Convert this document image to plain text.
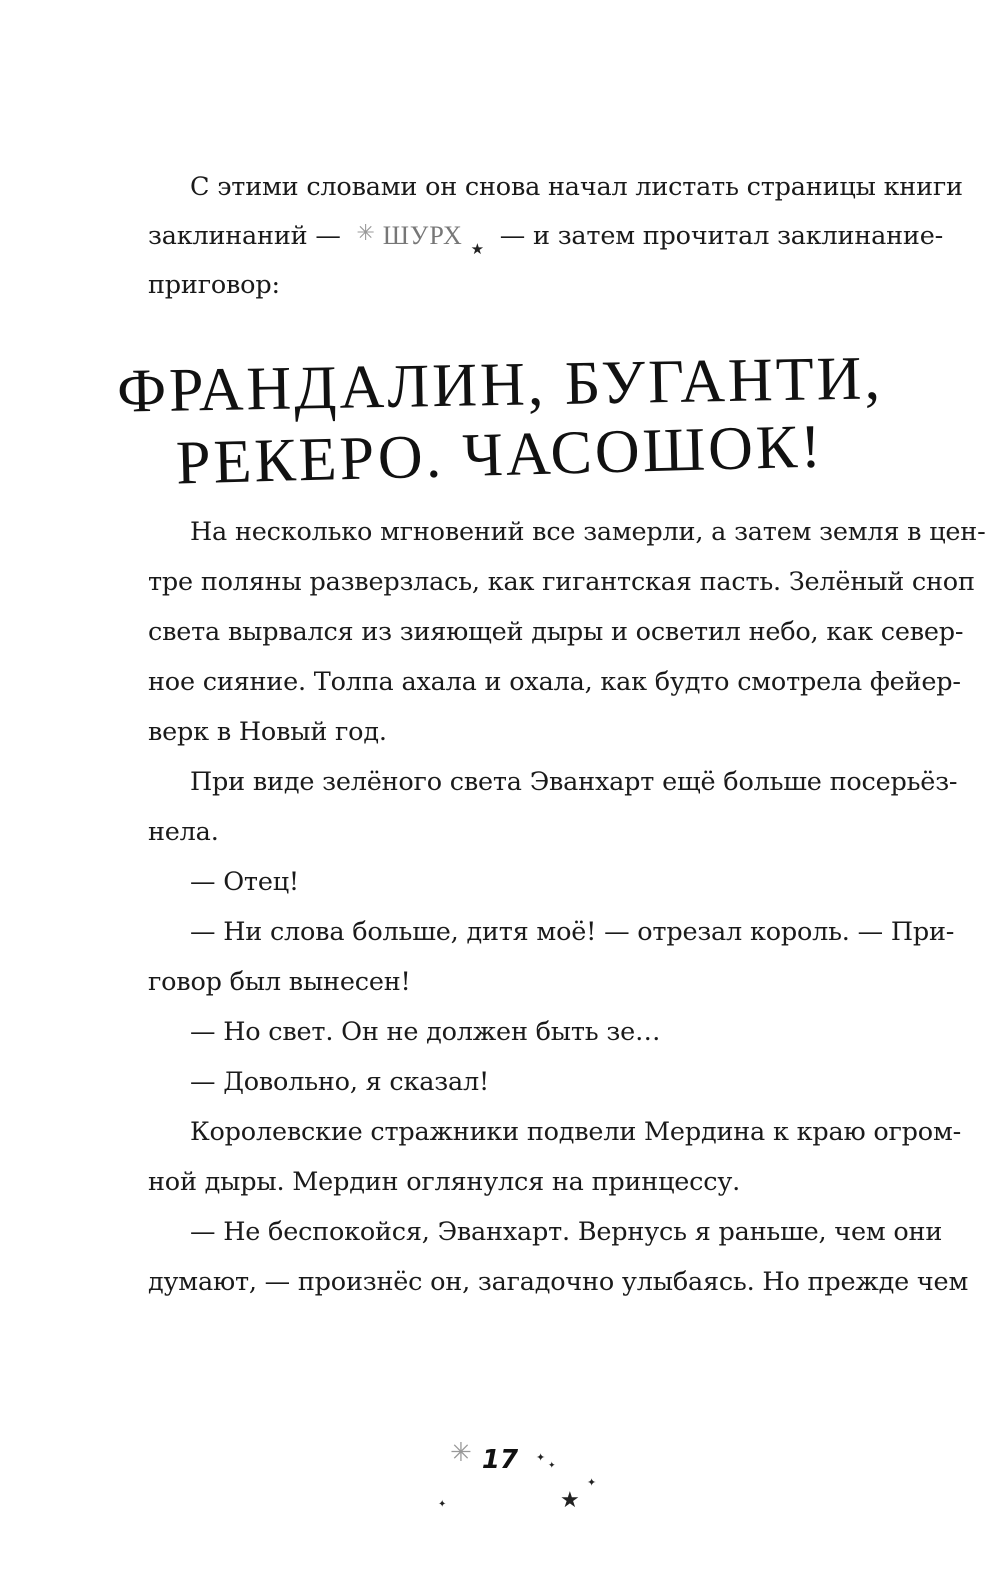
С этими словами он снова начал листать страницы книги
заклинаний — ✳ ШУРХ $_★$ — и затем прочитал заклинание-
приговор:
ФРАНДАЛИН, БУГАНТИ,
РЕКЕРО. ЧАСОШОК!
На несколько мгновений все замерли, а затем земля в цен-
тре поляны разверзлась, как гигантская пасть. Зелёный сноп
света вырвался из зияющей дыры и осветил небо, как север-
ное сияние. Толпа ахала и охала, как будто смотрела фейер-
верк в Новый год.
При виде зелёного света Эванхарт ещё больше посерьёз-
нела.
— Отец!
— Ни слова больше, дитя моё! — отрезал король. — При-
говор был вынесен!
— Но свет. Он не должен быть зе…
— Довольно, я сказал!
Королевские стражники подвели Мердина к краю огром-
ной дыры. Мердин оглянулся на принцессу.
— Не беспокойся, Эванхарт. Вернусь я раньше, чем они
думают, — произнёс он, загадочно улыбаясь. Но прежде чем
17
✳
✦
✦
✦
★
✦
